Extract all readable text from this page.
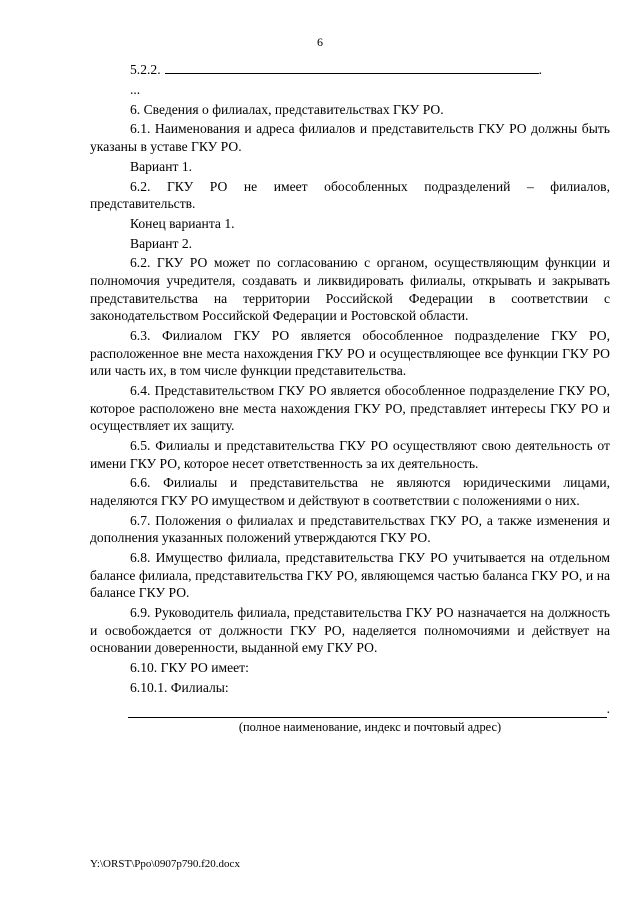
6

5.2.2.	.

...

6. Сведения о филиалах, представительствах ГКУ РО.

6.1. Наименования и адреса филиалов и представительств ГКУ РО должны быть указаны в уставе ГКУ РО.

Вариант 1.

6.2. ГКУ РО не имеет обособленных подразделений – филиалов, представительств.

Конец варианта 1.

Вариант 2.

6.2. ГКУ РО может по согласованию с органом, осуществляющим функции и полномочия учредителя, создавать и ликвидировать филиалы, открывать и закрывать представительства на территории Российской Федерации в соответствии с законодательством Российской Федерации и Ростовской области.

6.3. Филиалом ГКУ РО является обособленное подразделение ГКУ РО, расположенное вне места нахождения ГКУ РО и осуществляющее все функции ГКУ РО или часть их, в том числе функции представительства.

6.4. Представительством ГКУ РО является обособленное подразделение ГКУ РО, которое расположено вне места нахождения ГКУ РО, представляет интересы ГКУ РО и осуществляет их защиту.

6.5. Филиалы и представительства ГКУ РО осуществляют свою деятельность от имени ГКУ РО, которое несет ответственность за их деятельность.

6.6. Филиалы и представительства не являются юридическими лицами, наделяются ГКУ РО имуществом и действуют в соответствии с положениями о них.

6.7. Положения о филиалах и представительствах ГКУ РО, а также изменения и дополнения указанных положений утверждаются ГКУ РО.

6.8. Имущество филиала, представительства ГКУ РО учитывается на отдельном балансе филиала, представительства ГКУ РО, являющемся частью баланса ГКУ РО, и на балансе ГКУ РО.

6.9. Руководитель филиала, представительства ГКУ РО назначается на должность и освобождается от должности ГКУ РО, наделяется полномочиями и действует на основании доверенности, выданной ему ГКУ РО.

6.10. ГКУ РО имеет:

6.10.1. Филиалы:

.
(полное наименование, индекс и почтовый адрес)
Y:\ORST\Ppo\0907p790.f20.docx
